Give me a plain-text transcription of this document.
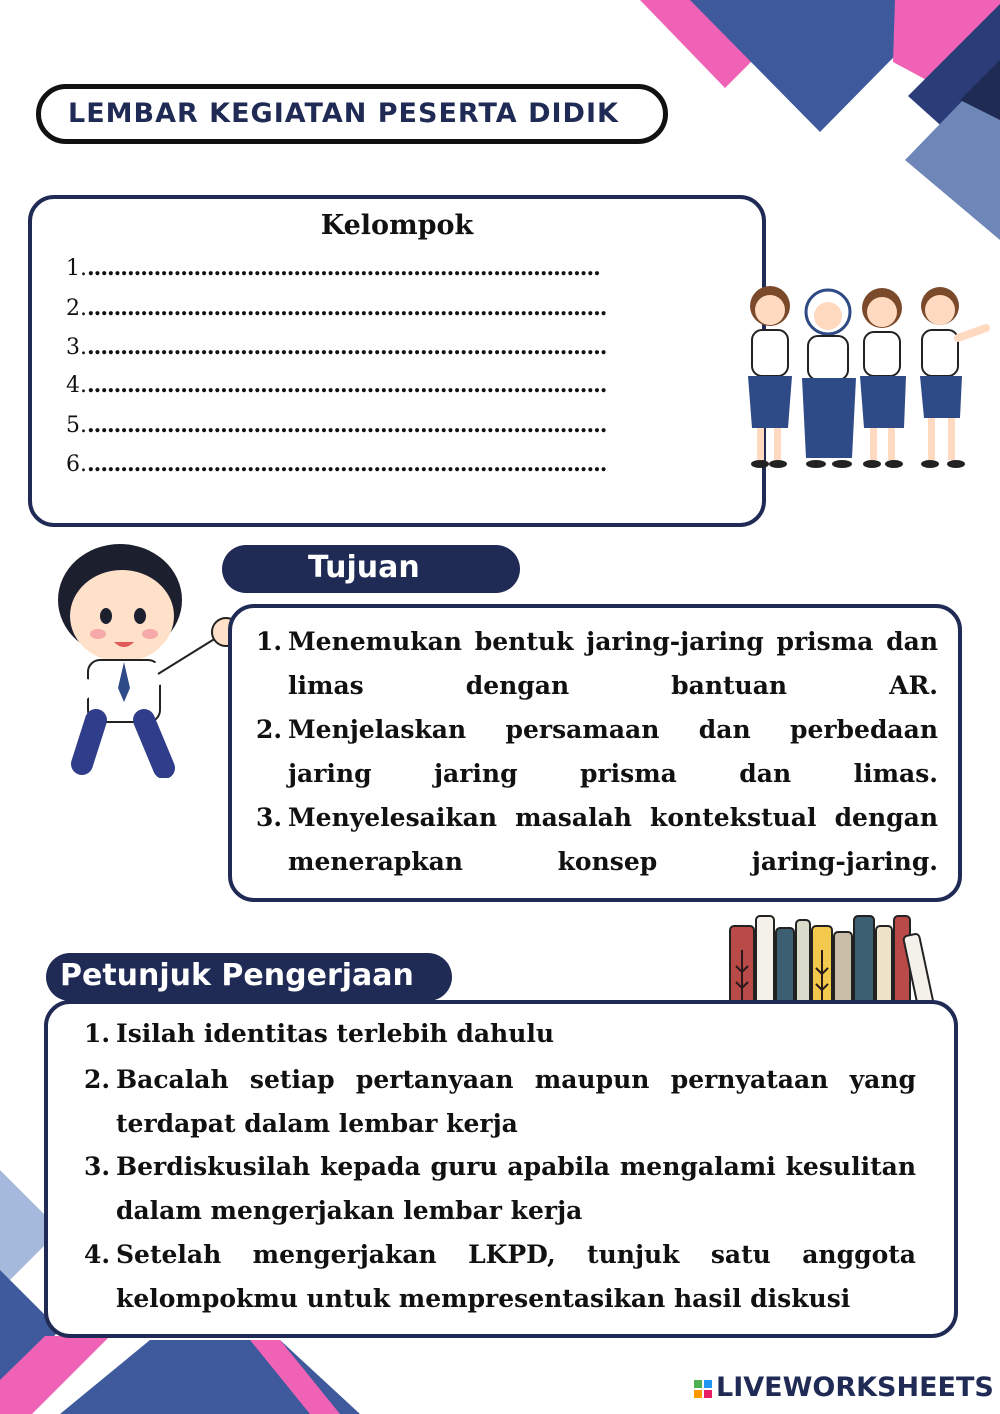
LEMBAR KEGIATAN PESERTA DIDIK
Kelompok
1..............................................................................
2...............................................................................
3...............................................................................
4...............................................................................
5...............................................................................
6...............................................................................
Tujuan
1. Menemukan bentuk jaring-jaring prisma dan limas dengan bantuan AR.
2. Menjelaskan persamaan dan perbedaan jaring jaring prisma dan limas.
3. Menyelesaikan masalah kontekstual dengan menerapkan konsep jaring-jaring.
Petunjuk Pengerjaan
1. Isilah identitas terlebih dahulu
2. Bacalah setiap pertanyaan maupun pernyataan yang terdapat dalam lembar kerja
3. Berdiskusilah kepada guru apabila mengalami kesulitan dalam mengerjakan lembar kerja
4. Setelah mengerjakan LKPD, tunjuk satu anggota kelompokmu untuk mempresentasikan hasil diskusi
LIVEWORKSHEETS
